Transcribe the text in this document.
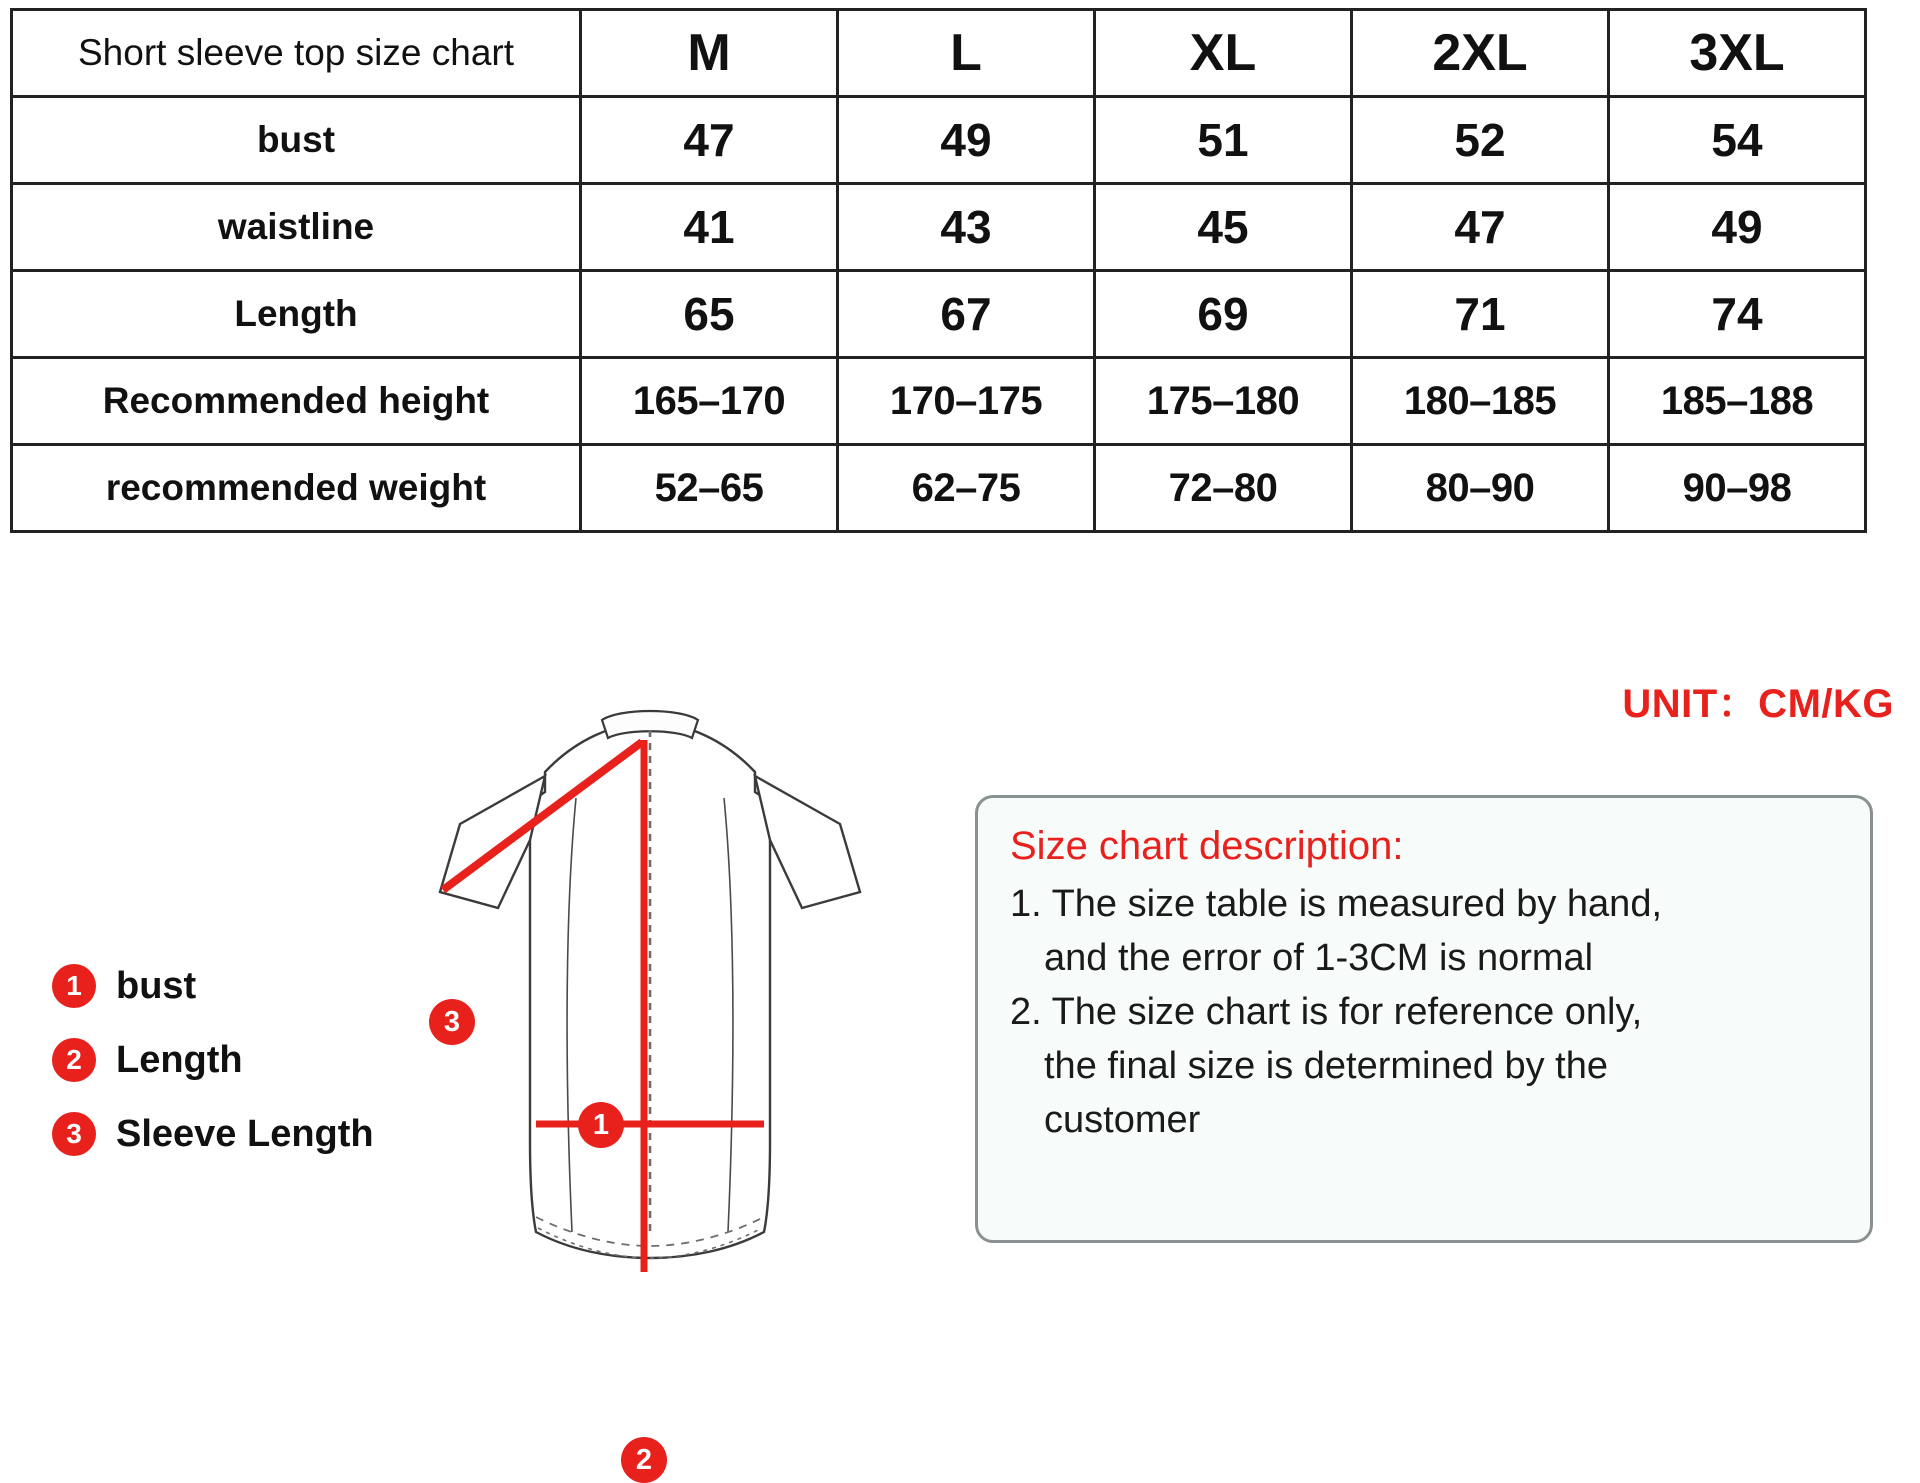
Short sleeve top size chart	M	L	XL	2XL	3XL
bust	47	49	51	52	54
waistline	41	43	45	47	49
Length	65	67	69	71	74
Recommended height	165–170	170–175	175–180	180–185	185–188
recommended weight	52–65	62–75	72–80	80–90	90–98
UNIT：CM/KG
1 bust
2 Length
3 Sleeve Length	1
2
3
Size chart description:
1. The size table is measured by hand,
and the error of 1-3CM is normal
2. The size chart is for reference only,
the final size is determined by the
customer
